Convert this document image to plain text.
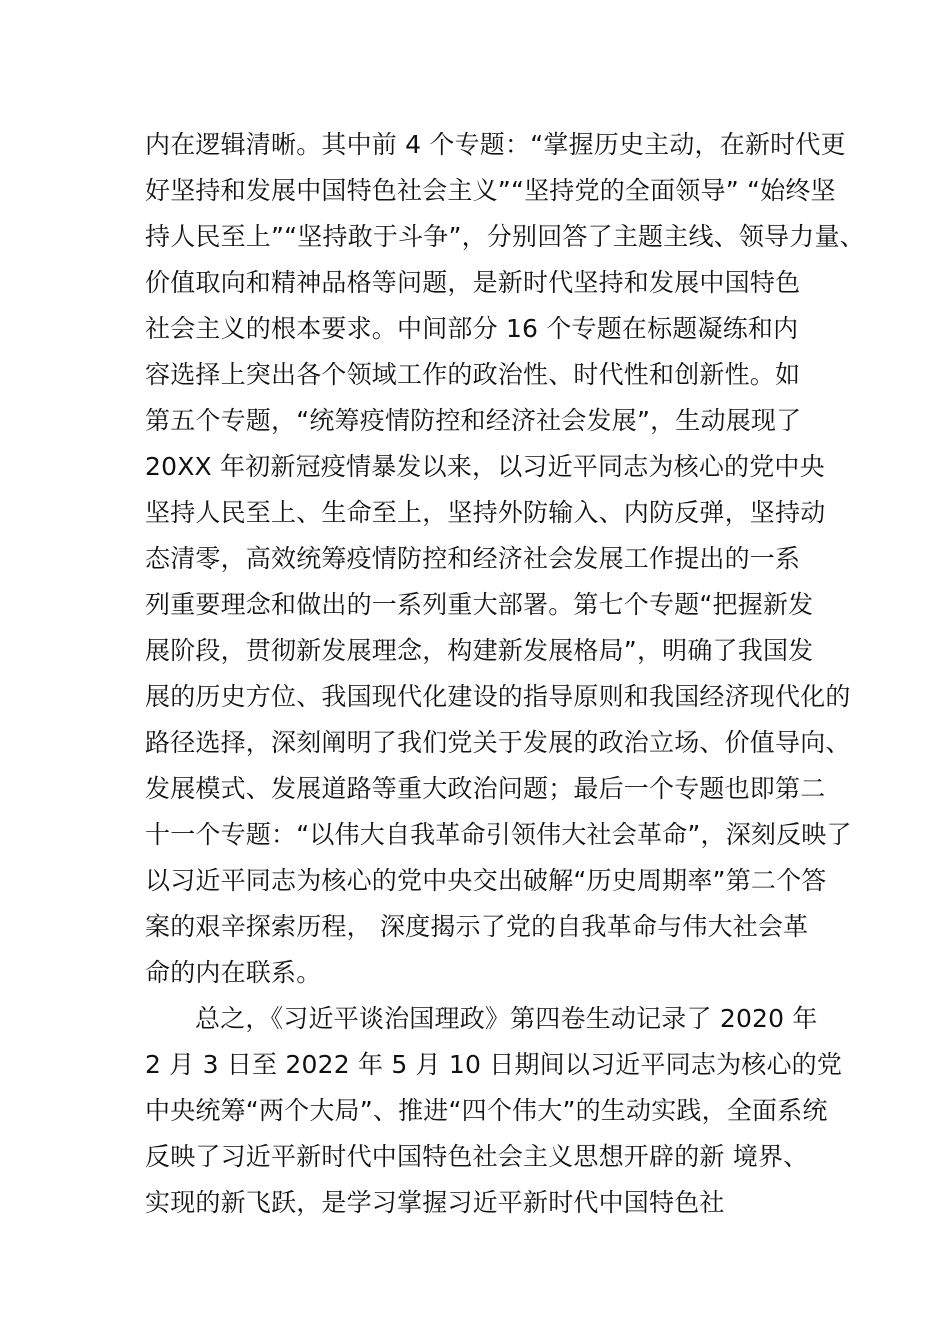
内在逻辑清晰。其中前 4 个专题：“掌握历史主动，在新时代更
好坚持和发展中国特色社会主义”“坚持党的全面领导” “始终坚
持人民至上”“坚持敢于斗争”，分别回答了主题主线、领导力量、
价值取向和精神品格等问题，是新时代坚持和发展中国特色
社会主义的根本要求。中间部分 16 个专题在标题凝练和内
容选择上突出各个领域工作的政治性、时代性和创新性。如
第五个专题，“统筹疫情防控和经济社会发展”，生动展现了
20XX 年初新冠疫情暴发以来，以习近平同志为核心的党中央
坚持人民至上、生命至上，坚持外防输入、内防反弹，坚持动
态清零，高效统筹疫情防控和经济社会发展工作提出的一系
列重要理念和做出的一系列重大部署。第七个专题“把握新发
展阶段，贯彻新发展理念，构建新发展格局”，明确了我国发
展的历史方位、我国现代化建设的指导原则和我国经济现代化的
路径选择，深刻阐明了我们党关于发展的政治立场、价值导向、
发展模式、发展道路等重大政治问题；最后一个专题也即第二
十一个专题：“以伟大自我革命引领伟大社会革命”，深刻反映了
以习近平同志为核心的党中央交出破解“历史周期率”第二个答
案的艰辛探索历程， 深度揭示了党的自我革命与伟大社会革
命的内在联系。
总之，《习近平谈治国理政》第四卷生动记录了 2020 年
2 月 3 日至 2022 年 5 月 10 日期间以习近平同志为核心的党
中央统筹“两个大局”、推进“四个伟大”的生动实践，全面系统
反映了习近平新时代中国特色社会主义思想开辟的新 境界、
实现的新飞跃，是学习掌握习近平新时代中国特色社
